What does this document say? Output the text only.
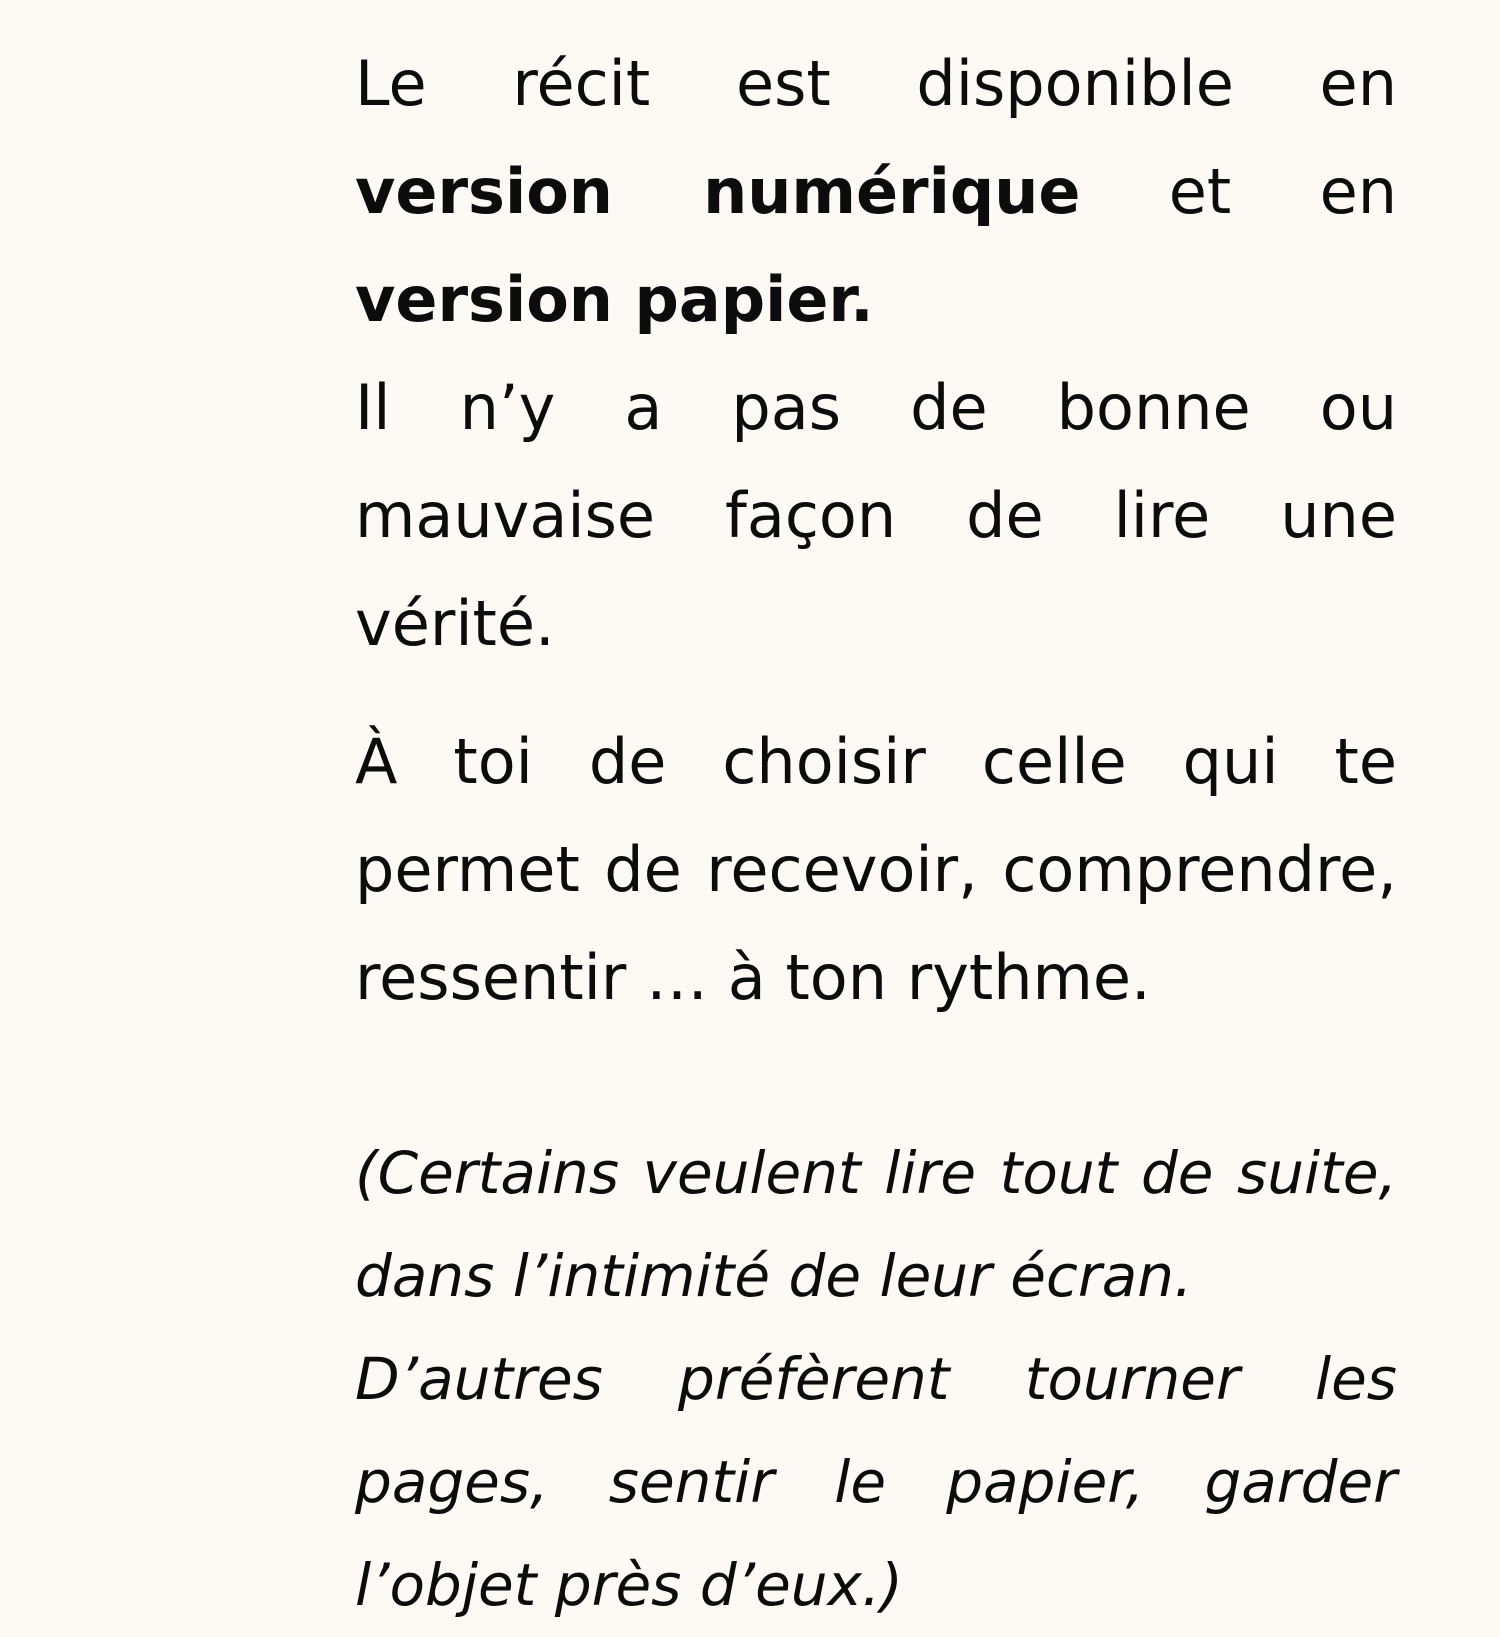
Le récit est disponible en version numérique et en version papier.

Il n’y a pas de bonne ou mauvaise façon de lire une vérité.

À toi de choisir celle qui te permet de recevoir, comprendre, ressentir … à ton rythme.

(Certains veulent lire tout de suite, dans l’intimité de leur écran.

D’autres préfèrent tourner les pages, sentir le papier, garder l’objet près d’eux.)
